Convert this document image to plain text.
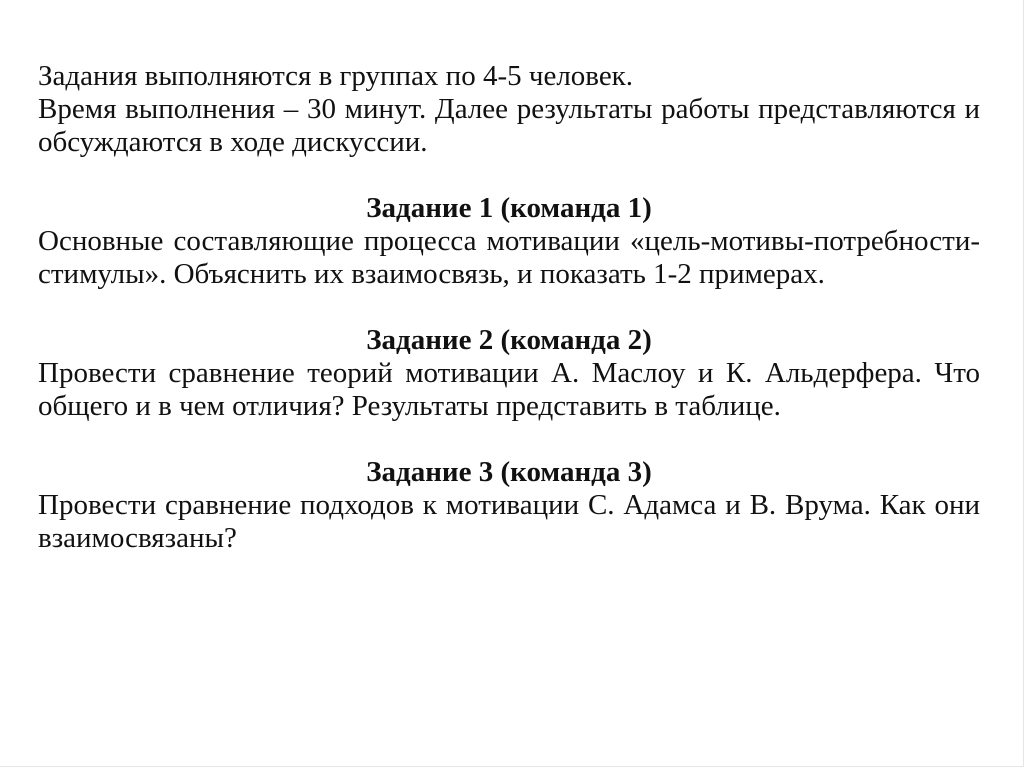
Задания выполняются в группах по 4-5 человек.

Время выполнения – 30 минут. Далее результаты работы представляются и обсуждаются в ходе дискуссии.

Задание 1 (команда 1)

Основные составляющие процесса мотивации «цель-мотивы-потребности-стимулы». Объяснить их взаимосвязь, и показать 1-2 примерах.

Задание 2 (команда 2)

Провести сравнение теорий мотивации А. Маслоу и К. Альдерфера. Что общего и в чем отличия? Результаты представить в таблице.

Задание 3 (команда 3)

Провести сравнение подходов к мотивации С. Адамса и В. Врума. Как они взаимосвязаны?
